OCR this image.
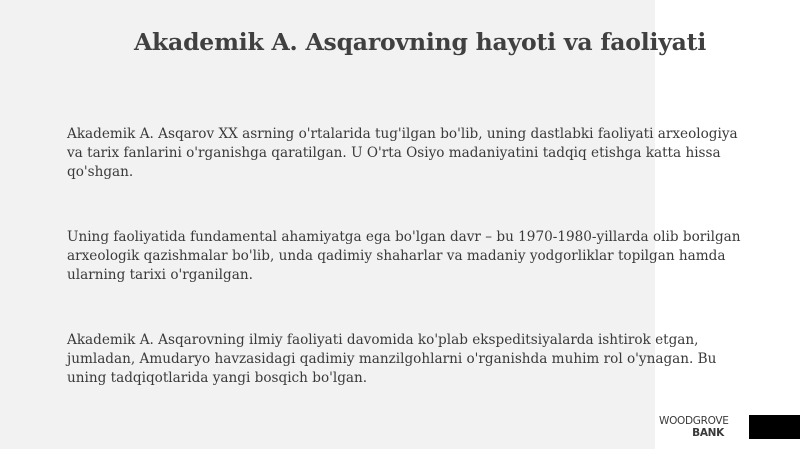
Akademik A. Asqarovning hayoti va faoliyati

Akademik A. Asqarov XX asrning o'rtalarida tug'ilgan bo'lib, uning dastlabki faoliyati arxeologiya va tarix fanlarini o'rganishga qaratilgan. U O'rta Osiyo madaniyatini tadqiq etishga katta hissa qo'shgan.

Uning faoliyatida fundamental ahamiyatga ega bo'lgan davr – bu 1970-1980-yillarda olib borilgan arxeologik qazishmalar bo'lib, unda qadimiy shaharlar va madaniy yodgorliklar topilgan hamda ularning tarixi o'rganilgan.

Akademik A. Asqarovning ilmiy faoliyati davomida ko'plab ekspeditsiyalarda ishtirok etgan, jumladan, Amudaryo havzasidagi qadimiy manzilgohlarni o'rganishda muhim rol o'ynagan. Bu uning tadqiqotlarida yangi bosqich bo'lgan.

WOODGROVE
BANK
